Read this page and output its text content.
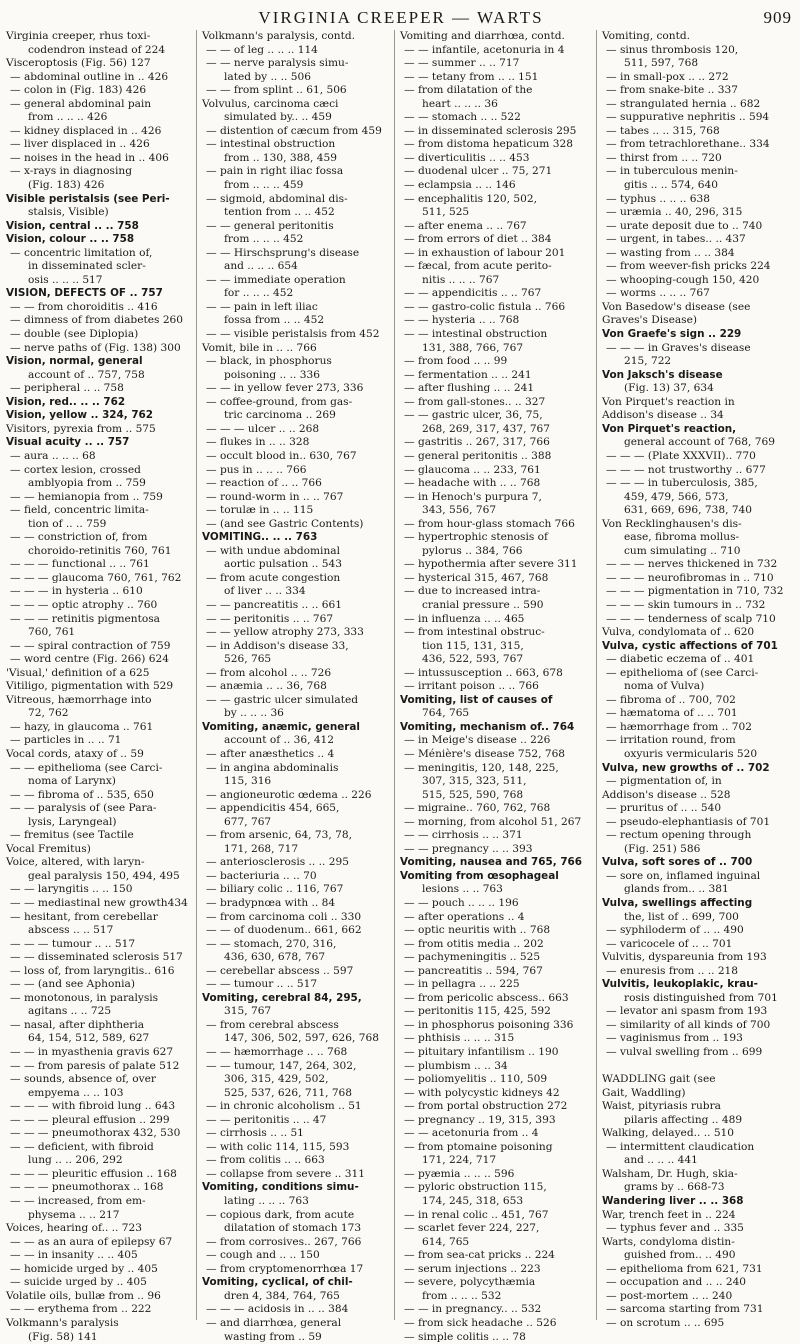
VIRGINIA CREEPER — WARTS	909
Virginia creeper, rhus toxi-
codendron instead of 224
Visceroptosis (Fig. 56) 127
— abdominal outline in .. 426
— colon in (Fig. 183) 426
— general abdominal pain
from .. .. .. 426
— kidney displaced in .. 426
— liver displaced in .. 426
— noises in the head in .. 406
— x-rays in diagnosing
(Fig. 183) 426
Visible peristalsis (see Peri-
stalsis, Visible)
Vision, central .. .. 758
Vision, colour .. .. 758
— concentric limitation of,
in disseminated scler-
osis .. .. .. 517
VISION, DEFECTS OF .. 757
— — from choroiditis .. 416
— dimness of from diabetes 260
— double (see Diplopia)
— nerve paths of (Fig. 138) 300
Vision, normal, general
account of .. 757, 758
— peripheral .. .. 758
Vision, red.. .. .. 762
Vision, yellow .. 324, 762
Visitors, pyrexia from .. 575
Visual acuity .. .. 757
— aura .. .. .. 68
— cortex lesion, crossed
amblyopia from .. 759
— — hemianopia from .. 759
— field, concentric limita-
tion of .. .. 759
— — constriction of, from
choroido-retinitis 760, 761
— — — functional .. .. 761
— — — glaucoma 760, 761, 762
— — — in hysteria .. 610
— — — optic atrophy .. 760
— — — retinitis pigmentosa
760, 761
— — spiral contraction of 759
— word centre (Fig. 266) 624
'Visual,' definition of a 625
Vitiligo, pigmentation with 529
Vitreous, hæmorrhage into
72, 762
— hazy, in glaucoma .. 761
— particles in .. .. 71
Vocal cords, ataxy of .. 59
— — epithelioma (see Carci-
noma of Larynx)
— — fibroma of .. 535, 650
— — paralysis of (see Para-
lysis, Laryngeal)
— fremitus (see Tactile
Vocal Fremitus)
Voice, altered, with laryn-
geal paralysis 150, 494, 495
— — laryngitis .. .. 150
— — mediastinal new growth434
— hesitant, from cerebellar
abscess .. .. 517
— — — tumour .. .. 517
— — disseminated sclerosis 517
— loss of, from laryngitis.. 616
— — (and see Aphonia)
— monotonous, in paralysis
agitans .. .. 725
— nasal, after diphtheria
64, 154, 512, 589, 627
— — in myasthenia gravis 627
— — from paresis of palate 512
— sounds, absence of, over
empyema .. .. 103
— — — with fibroid lung .. 643
— — — pleural effusion .. 299
— — — pneumothorax 432, 530
— — deficient, with fibroid
lung .. .. 206, 292
— — — pleuritic effusion .. 168
— — — pneumothorax .. 168
— — increased, from em-
physema .. .. 217
Voices, hearing of.. .. 723
— — as an aura of epilepsy 67
— — in insanity .. .. 405
— homicide urged by .. 405
— suicide urged by .. 405
Volatile oils, bullæ from .. 96
— — erythema from .. 222
Volkmann's paralysis
(Fig. 58) 141
Volkmann's paralysis, contd.
— — of leg .. .. .. 114
— — nerve paralysis simu-
lated by .. .. 506
— — from splint .. 61, 506
Volvulus, carcinoma cæci
simulated by.. .. 459
— distention of cæcum from 459
— intestinal obstruction
from .. 130, 388, 459
— pain in right iliac fossa
from .. .. .. 459
— sigmoid, abdominal dis-
tention from .. .. 452
— — general peritonitis
from .. .. .. 452
— — Hirschsprung's disease
and .. .. .. 654
— — immediate operation
for .. .. .. 452
— — pain in left iliac
fossa from .. .. 452
— — visible peristalsis from 452
Vomit, bile in .. .. 766
— black, in phosphorus
poisoning .. .. 336
— — in yellow fever 273, 336
— coffee-ground, from gas-
tric carcinoma .. 269
— — — ulcer .. .. 268
— flukes in .. .. 328
— occult blood in.. 630, 767
— pus in .. .. .. 766
— reaction of .. .. 766
— round-worm in .. .. 767
— torulæ in .. .. 115
— (and see Gastric Contents)
VOMITING.. .. .. 763
— with undue abdominal
aortic pulsation .. 543
— from acute congestion
of liver .. .. 334
— — pancreatitis .. .. 661
— — peritonitis .. .. 767
— — yellow atrophy 273, 333
— in Addison's disease 33,
526, 765
— from alcohol .. .. 726
— anæmia .. .. 36, 768
— — gastric ulcer simulated
by .. .. .. 36
Vomiting, anæmic, general
account of .. 36, 412
— after anæsthetics .. 4
— in angina abdominalis
115, 316
— angioneurotic œdema .. 226
— appendicitis 454, 665,
677, 767
— from arsenic, 64, 73, 78,
171, 268, 717
— anteriosclerosis .. .. 295
— bacteriuria .. .. 70
— biliary colic .. 116, 767
— bradypnœa with .. 84
— from carcinoma coli .. 330
— — of duodenum.. 661, 662
— — stomach, 270, 316,
436, 630, 678, 767
— cerebellar abscess .. 597
— — tumour .. .. 517
Vomiting, cerebral 84, 295,
315, 767
— from cerebral abscess
147, 306, 502, 597, 626, 768
— — hæmorrhage .. .. 768
— — tumour, 147, 264, 302,
306, 315, 429, 502,
525, 537, 626, 711, 768
— in chronic alcoholism .. 51
— — peritonitis .. .. 47
— cirrhosis .. .. 51
— with colic 114, 115, 593
— from colitis .. .. 663
— collapse from severe .. 311
Vomiting, conditions simu-
lating .. .. .. 763
— copious dark, from acute
dilatation of stomach 173
— from corrosives.. 267, 766
— cough and .. .. 150
— from cryptomenorrhœa 17
Vomiting, cyclical, of chil-
dren 4, 384, 764, 765
— — — acidosis in .. .. 384
— and diarrhœa, general
wasting from .. 59
Vomiting and diarrhœa, contd.
— — infantile, acetonuria in 4
— — summer .. .. 717
— — tetany from .. .. 151
— from dilatation of the
heart .. .. .. 36
— — stomach .. .. 522
— in disseminated sclerosis 295
— from distoma hepaticum 328
— diverticulitis .. .. 453
— duodenal ulcer .. 75, 271
— eclampsia .. .. 146
— encephalitis 120, 502,
511, 525
— after enema .. .. 767
— from errors of diet .. 384
— in exhaustion of labour 201
— fæcal, from acute perito-
nitis .. .. .. 767
— — appendicitis .. .. 767
— — gastro-colic fistula .. 766
— — hysteria .. .. 768
— — intestinal obstruction
131, 388, 766, 767
— from food .. .. 99
— fermentation .. .. 241
— after flushing .. .. 241
— from gall-stones.. .. 327
— — gastric ulcer, 36, 75,
268, 269, 317, 437, 767
— gastritis .. 267, 317, 766
— general peritonitis .. 388
— glaucoma .. .. 233, 761
— headache with .. .. 768
— in Henoch's purpura 7,
343, 556, 767
— from hour-glass stomach 766
— hypertrophic stenosis of
pylorus .. 384, 766
— hypothermia after severe 311
— hysterical 315, 467, 768
— due to increased intra-
cranial pressure .. 590
— in influenza .. .. 465
— from intestinal obstruc-
tion 115, 131, 315,
436, 522, 593, 767
— intussusception .. 663, 678
— irritant poison .. .. 766
Vomiting, list of causes of
764, 765
Vomiting, mechanism of.. 764
— in Meige's disease .. 226
— Ménière's disease 752, 768
— meningitis, 120, 148, 225,
307, 315, 323, 511,
515, 525, 590, 768
— migraine.. 760, 762, 768
— morning, from alcohol 51, 267
— — cirrhosis .. .. 371
— — pregnancy .. .. 393
Vomiting, nausea and 765, 766
Vomiting from œsophageal
lesions .. .. 763
— — pouch .. .. .. 196
— after operations .. 4
— optic neuritis with .. 768
— from otitis media .. 202
— pachymeningitis .. 525
— pancreatitis .. 594, 767
— in pellagra .. .. 225
— from pericolic abscess.. 663
— peritonitis 115, 425, 592
— in phosphorus poisoning 336
— phthisis .. .. .. 315
— pituitary infantilism .. 190
— plumbism .. .. 34
— poliomyelitis .. 110, 509
— with polycystic kidneys 42
— from portal obstruction 272
— pregnancy .. 19, 315, 393
— — acetonuria from .. 4
— from ptomaine poisoning
171, 224, 717
— pyæmia .. .. .. 596
— pyloric obstruction 115,
174, 245, 318, 653
— in renal colic .. 451, 767
— scarlet fever 224, 227,
614, 765
— from sea-cat pricks .. 224
— serum injections .. 223
— severe, polycythæmia
from .. .. .. 532
— — in pregnancy.. .. 532
— from sick headache .. 526
— simple colitis .. .. 78
Vomiting, contd.
— sinus thrombosis 120,
511, 597, 768
— in small-pox .. .. 272
— from snake-bite .. 337
— strangulated hernia .. 682
— suppurative nephritis .. 594
— tabes .. .. 315, 768
— from tetrachlorethane.. 334
— thirst from .. .. 720
— in tuberculous menin-
gitis .. .. 574, 640
— typhus .. .. .. 638
— uræmia .. 40, 296, 315
— urate deposit due to .. 740
— urgent, in tabes.. .. 437
— wasting from .. .. 384
— from weever-fish pricks 224
— whooping-cough 150, 420
— worms .. .. .. 767
Von Basedow's disease (see
Graves's Disease)
Von Graefe's sign .. 229
— — — in Graves's disease
215, 722
Von Jaksch's disease
(Fig. 13) 37, 634
Von Pirquet's reaction in
Addison's disease .. 34
Von Pirquet's reaction,
general account of 768, 769
— — — (Plate XXXVII).. 770
— — — not trustworthy .. 677
— — — in tuberculosis, 385,
459, 479, 566, 573,
631, 669, 696, 738, 740
Von Recklinghausen's dis-
ease, fibroma mollus-
cum simulating .. 710
— — — nerves thickened in 732
— — — neurofibromas in .. 710
— — — pigmentation in 710, 732
— — — skin tumours in .. 732
— — — tenderness of scalp 710
Vulva, condylomata of .. 620
Vulva, cystic affections of 701
— diabetic eczema of .. 401
— epithelioma of (see Carci-
noma of Vulva)
— fibroma of .. 700, 702
— hæmatoma of .. .. 701
— hæmorrhage from .. 702
— irritation round, from
oxyuris vermicularis 520
Vulva, new growths of .. 702
— pigmentation of, in
Addison's disease .. 528
— pruritus of .. .. 540
— pseudo-elephantiasis of 701
— rectum opening through
(Fig. 251) 586
Vulva, soft sores of .. 700
— sore on, inflamed inguinal
glands from.. .. 381
Vulva, swellings affecting
the, list of .. 699, 700
— syphiloderm of .. .. 490
— varicocele of .. .. 701
Vulvitis, dyspareunia from 193
— enuresis from .. .. 218
Vulvitis, leukoplakic, krau-
rosis distinguished from 701
— levator ani spasm from 193
— similarity of all kinds of 700
— vaginismus from .. 193
— vulval swelling from .. 699

WADDLING gait (see
Gait, Waddling)
Waist, pityriasis rubra
pilaris affecting .. 489
Walking, delayed.. .. 510
— intermittent claudication
and .. .. .. 441
Walsham, Dr. Hugh, skia-
grams by .. 668-73
Wandering liver .. .. 368
War, trench feet in .. 224
— typhus fever and .. 335
Warts, condyloma distin-
guished from.. .. 490
— epithelioma from 621, 731
— occupation and .. .. 240
— post-mortem .. .. 240
— sarcoma starting from 731
— on scrotum .. .. 695
